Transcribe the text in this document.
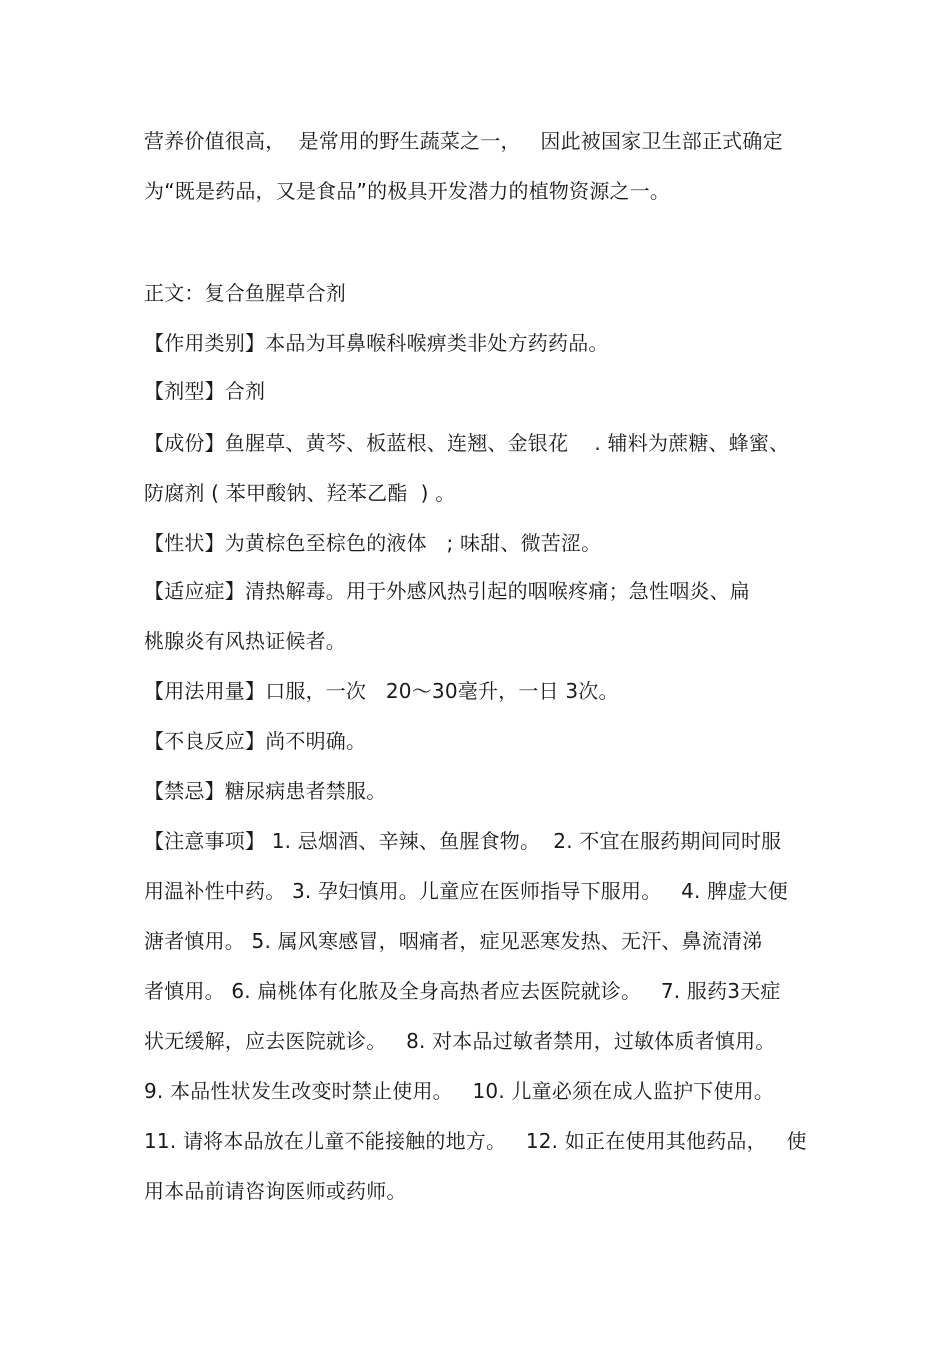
营养价值很高，  是常用的野生蔬菜之一，   因此被国家卫生部正式确定
为“既是药品，又是食品”的极具开发潜力的植物资源之一。
正文：复合鱼腥草合剂
【作用类别】本品为耳鼻喉科喉痹类非处方药药品。
【剂型】合剂
【成份】鱼腥草、黄芩、板蓝根、连翘、金银花    . 辅料为蔗糖、蜂蜜、
防腐剂 ( 苯甲酸钠、羟苯乙酯  ) 。
【性状】为黄棕色至棕色的液体   ; 味甜、微苦涩。
【适应症】清热解毒。用于外感风热引起的咽喉疼痛；急性咽炎、扁
桃腺炎有风热证候者。
【用法用量】口服，一次   20～30毫升，一日 3次。
【不良反应】尚不明确。
【禁忌】糖尿病患者禁服。
【注意事项】 1. 忌烟酒、辛辣、鱼腥食物。  2. 不宜在服药期间同时服
用温补性中药。 3. 孕妇慎用。儿童应在医师指导下服用。   4. 脾虚大便
溏者慎用。 5. 属风寒感冒，咽痛者，症见恶寒发热、无汗、鼻流清涕
者慎用。 6. 扁桃体有化脓及全身高热者应去医院就诊。   7. 服药3天症
状无缓解，应去医院就诊。   8. 对本品过敏者禁用，过敏体质者慎用。
9. 本品性状发生改变时禁止使用。   10. 儿童必须在成人监护下使用。
11. 请将本品放在儿童不能接触的地方。   12. 如正在使用其他药品，   使
用本品前请咨询医师或药师。
